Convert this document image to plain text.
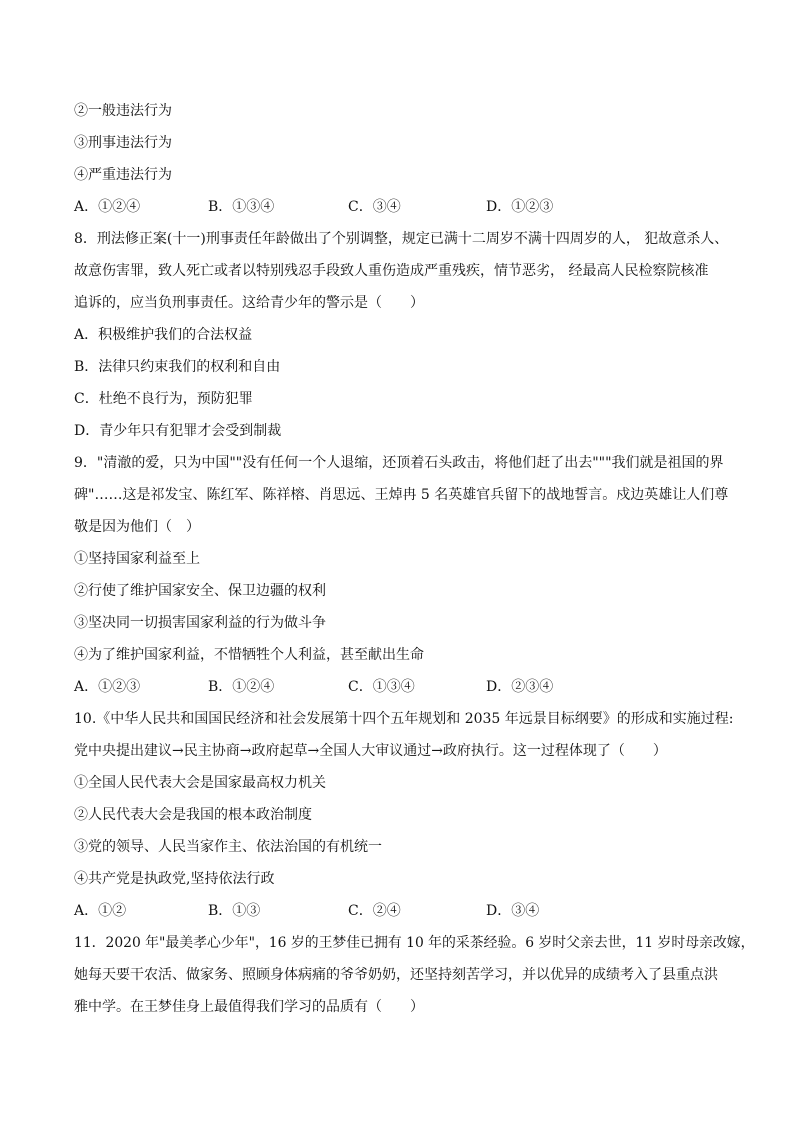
②一般违法行为
③刑事违法行为
④严重违法行为
A．①②④	B．①③④	C．③④	D．①②③
8．刑法修正案(十一)刑事责任年龄做出了个别调整，规定已满十二周岁不满十四周岁的人， 犯故意杀人、
故意伤害罪，致人死亡或者以特别残忍手段致人重伤造成严重残疾，情节恶劣， 经最高人民检察院核准
追诉的，应当负刑事责任。这给青少年的警示是（　　）
A．积极维护我们的合法权益
B．法律只约束我们的权利和自由
C．杜绝不良行为，预防犯罪
D．青少年只有犯罪才会受到制裁
9．"清澈的爱，只为中国""没有任何一个人退缩，还顶着石头政击，将他们赶了出去"""我们就是祖国的界
碑"……这是祁发宝、陈红军、陈祥榕、肖思远、王焯冉 5 名英雄官兵留下的战地誓言。戍边英雄让人们尊
敬是因为他们（　）
①坚持国家利益至上
②行使了维护国家安全、保卫边疆的权利
③坚决同一切损害国家利益的行为做斗争
④为了维护国家利益，不惜牺牲个人利益，甚至献出生命
A．①②③	B．①②④	C．①③④	D．②③④
10.《中华人民共和国国民经济和社会发展第十四个五年规划和 2035 年远景目标纲要》的形成和实施过程:
党中央提出建议→民主协商→政府起草→全国人大审议通过→政府执行。这一过程体现了（　　）
①全国人民代表大会是国家最高权力机关
②人民代表大会是我国的根本政治制度
③党的领导、人民当家作主、依法治国的有机统一
④共产党是执政党,坚持依法行政
A．①②	B．①③	C．②④	D．③④
11．2020 年"最美孝心少年"，16 岁的王梦佳已拥有 10 年的采茶经验。6 岁时父亲去世，11 岁时母亲改嫁，
她每天要干农活、做家务、照顾身体病痛的爷爷奶奶，还坚持刻苦学习，并以优异的成绩考入了县重点洪
雅中学。在王梦佳身上最值得我们学习的品质有（　　）
